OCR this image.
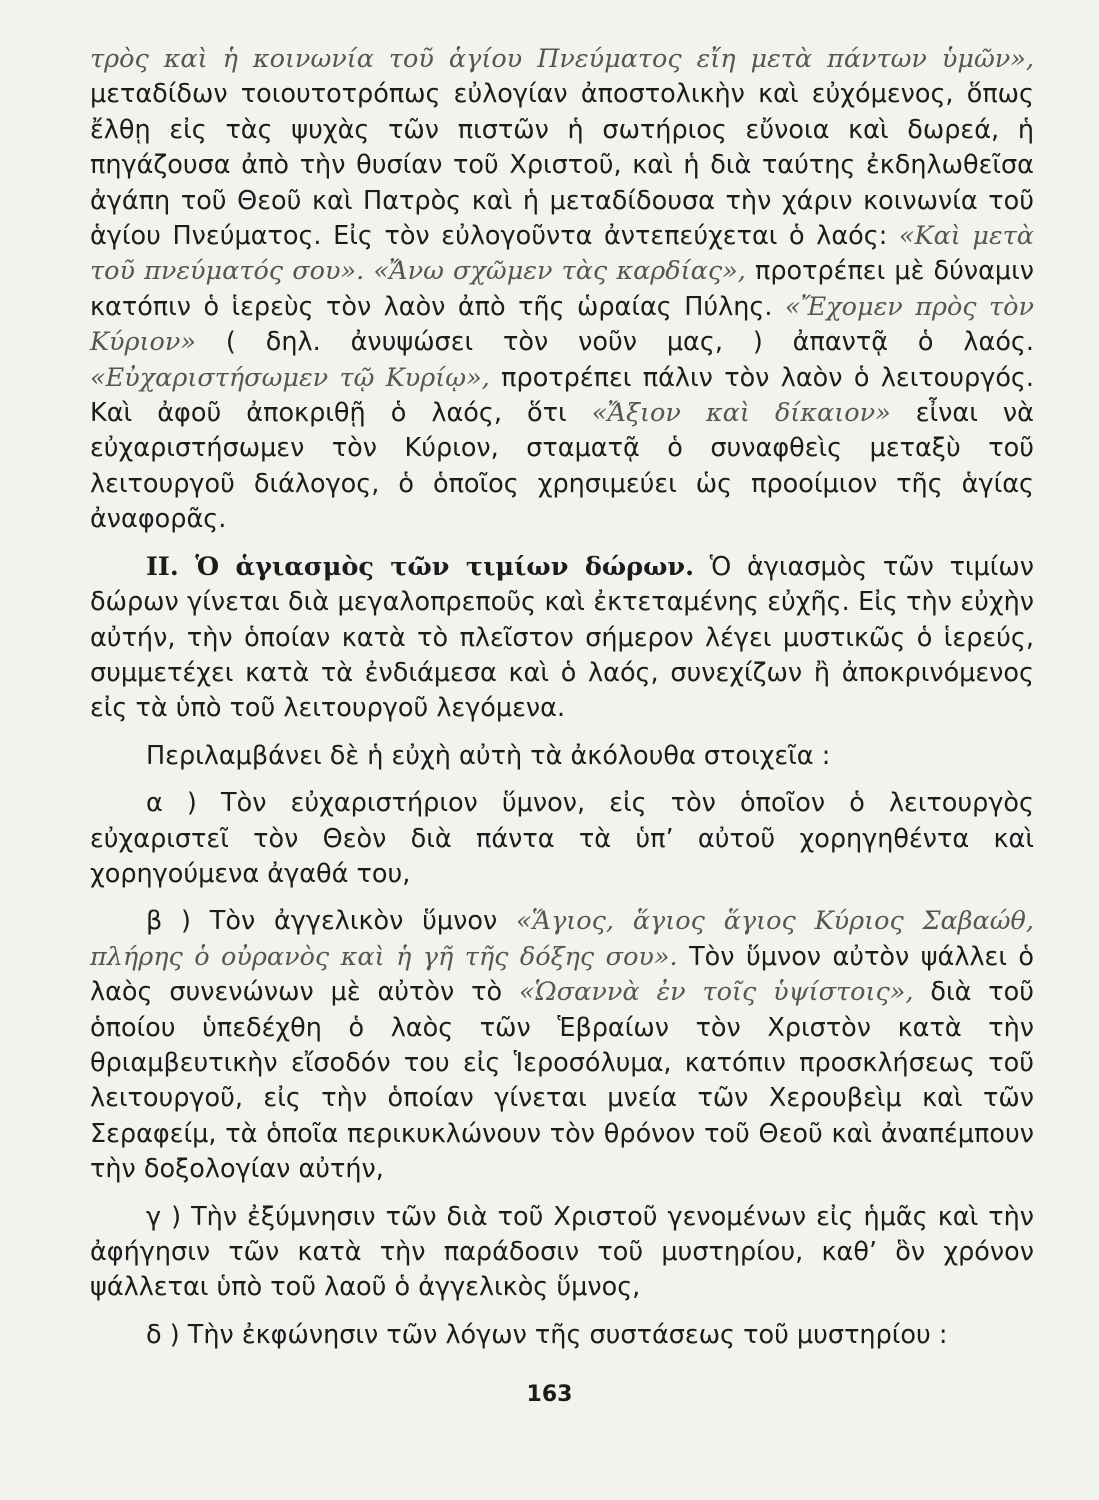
τρὸς καὶ ἡ κοινωνία τοῦ ἁγίου Πνεύματος εἴη μετὰ πάντων ὑμῶν», μεταδίδων τοιουτοτρόπως εὐλογίαν ἀποστολικὴν καὶ εὐχόμενος, ὅπως ἔλθῃ εἰς τὰς ψυχὰς τῶν πιστῶν ἡ σωτήριος εὔνοια καὶ δωρεά, ἡ πηγάζουσα ἀπὸ τὴν θυσίαν τοῦ Χριστοῦ, καὶ ἡ διὰ ταύτης ἐκδηλωθεῖσα ἀγάπη τοῦ Θεοῦ καὶ Πατρὸς καὶ ἡ μεταδίδουσα τὴν χάριν κοινωνία τοῦ ἁγίου Πνεύματος. Εἰς τὸν εὐλογοῦντα ἀντεπεύχεται ὁ λαός: «Καὶ μετὰ τοῦ πνεύματός σου». «Ἄνω σχῶμεν τὰς καρδίας», προτρέπει μὲ δύναμιν κατόπιν ὁ ἱερεὺς τὸν λαὸν ἀπὸ τῆς ὡραίας Πύλης. «Ἔχομεν πρὸς τὸν Κύριον» ( δηλ. ἀνυψώσει τὸν νοῦν μας, ) ἀπαντᾷ ὁ λαός. «Εὐχαριστήσωμεν τῷ Κυρίῳ», προτρέπει πάλιν τὸν λαὸν ὁ λειτουργός. Καὶ ἀφοῦ ἀποκριθῇ ὁ λαός, ὅτι «Ἄξιον καὶ δίκαιον» εἶναι νὰ εὐχαριστήσωμεν τὸν Κύριον, σταματᾷ ὁ συναφθεὶς μεταξὺ τοῦ λειτουργοῦ διάλογος, ὁ ὁποῖος χρησιμεύει ὡς προοίμιον τῆς ἁγίας ἀναφορᾶς.

ΙΙ. Ὁ ἁγιασμὸς τῶν τιμίων δώρων. Ὁ ἁγιασμὸς τῶν τιμίων δώρων γίνεται διὰ μεγαλοπρεποῦς καὶ ἐκτεταμένης εὐχῆς. Εἰς τὴν εὐχὴν αὐτήν, τὴν ὁποίαν κατὰ τὸ πλεῖστον σήμερον λέγει μυστικῶς ὁ ἱερεύς, συμμετέχει κατὰ τὰ ἐνδιάμεσα καὶ ὁ λαός, συνεχίζων ἢ ἀποκρινόμενος εἰς τὰ ὑπὸ τοῦ λειτουργοῦ λεγόμενα.

Περιλαμβάνει δὲ ἡ εὐχὴ αὐτὴ τὰ ἀκόλουθα στοιχεῖα :

α ) Τὸν εὐχαριστήριον ὕμνον, εἰς τὸν ὁποῖον ὁ λειτουργὸς εὐχαριστεῖ τὸν Θεὸν διὰ πάντα τὰ ὑπ’ αὐτοῦ χορηγηθέντα καὶ χορηγούμενα ἀγαθά του,

β ) Τὸν ἀγγελικὸν ὕμνον «Ἅγιος, ἅγιος ἅγιος Κύριος Σαβαώθ, πλήρης ὁ οὐρανὸς καὶ ἡ γῆ τῆς δόξης σου». Τὸν ὕμνον αὐτὸν ψάλλει ὁ λαὸς συνενώνων μὲ αὐτὸν τὸ «Ὡσαννὰ ἐν τοῖς ὑψίστοις», διὰ τοῦ ὁποίου ὑπεδέχθη ὁ λαὸς τῶν Ἑβραίων τὸν Χριστὸν κατὰ τὴν θριαμβευτικὴν εἴσοδόν του εἰς Ἱεροσόλυμα, κατόπιν προσκλήσεως τοῦ λειτουργοῦ, εἰς τὴν ὁποίαν γίνεται μνεία τῶν Χερουβεὶμ καὶ τῶν Σεραφείμ, τὰ ὁποῖα περικυκλώνουν τὸν θρόνον τοῦ Θεοῦ καὶ ἀναπέμπουν τὴν δοξολογίαν αὐτήν,

γ ) Τὴν ἐξύμνησιν τῶν διὰ τοῦ Χριστοῦ γενομένων εἰς ἡμᾶς καὶ τὴν ἀφήγησιν τῶν κατὰ τὴν παράδοσιν τοῦ μυστηρίου, καθ’ ὃν χρόνον ψάλλεται ὑπὸ τοῦ λαοῦ ὁ ἀγγελικὸς ὕμνος,

δ ) Τὴν ἐκφώνησιν τῶν λόγων τῆς συστάσεως τοῦ μυστηρίου :

163
